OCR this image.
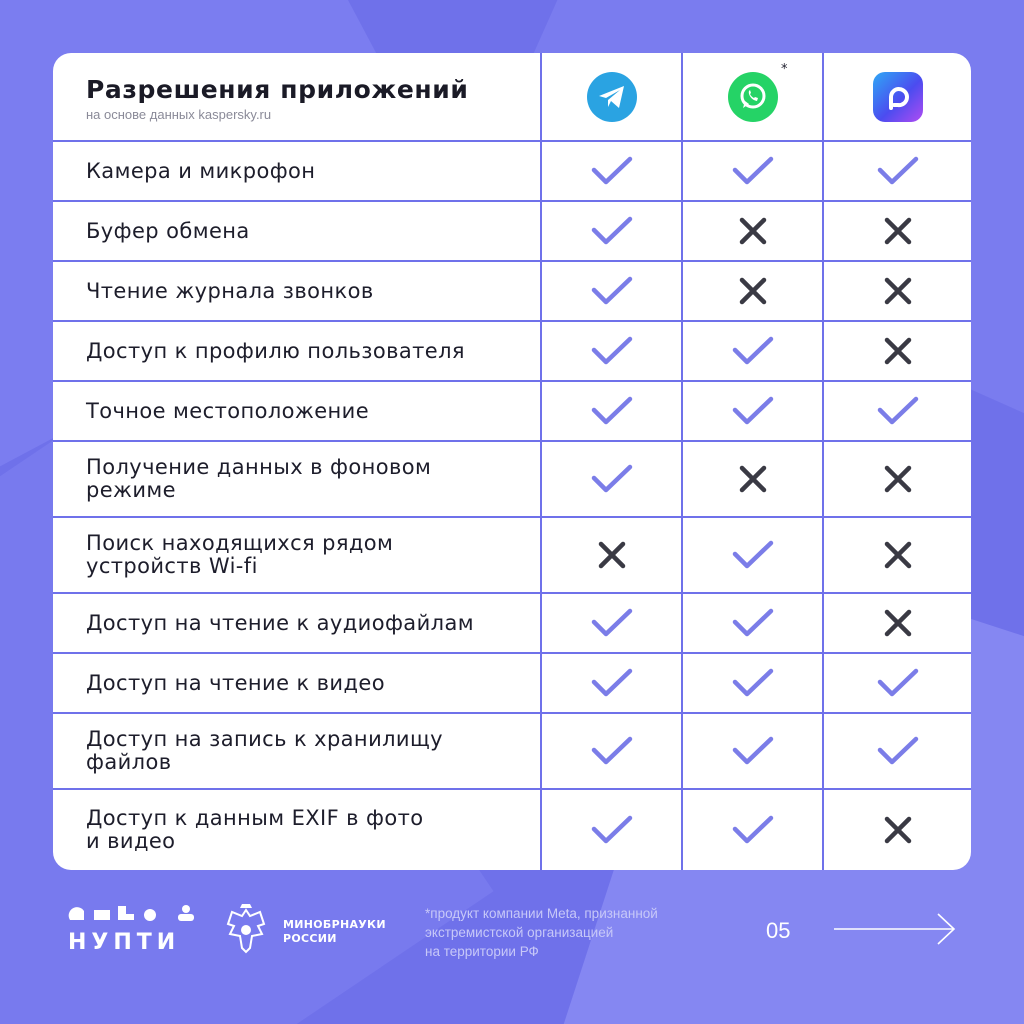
Разрешения приложений
на основе данных kaspersky.ru
*
Камера и микрофон
Буфер обмена
Чтение журнала звонков
Доступ к профилю пользователя
Точное местоположение
Получение данных в фоновом
режиме
Поиск находящихся рядом
устройств Wi-fi
Доступ на чтение к аудиофайлам
Доступ на чтение к видео
Доступ на запись к хранилищу
файлов
Доступ к данным EXIF в фото
и видео
НУПТИ
МИНОБРНАУКИ
РОССИИ
*продукт компании Meta, признанной
экстремистской организацией
на территории РФ
05
